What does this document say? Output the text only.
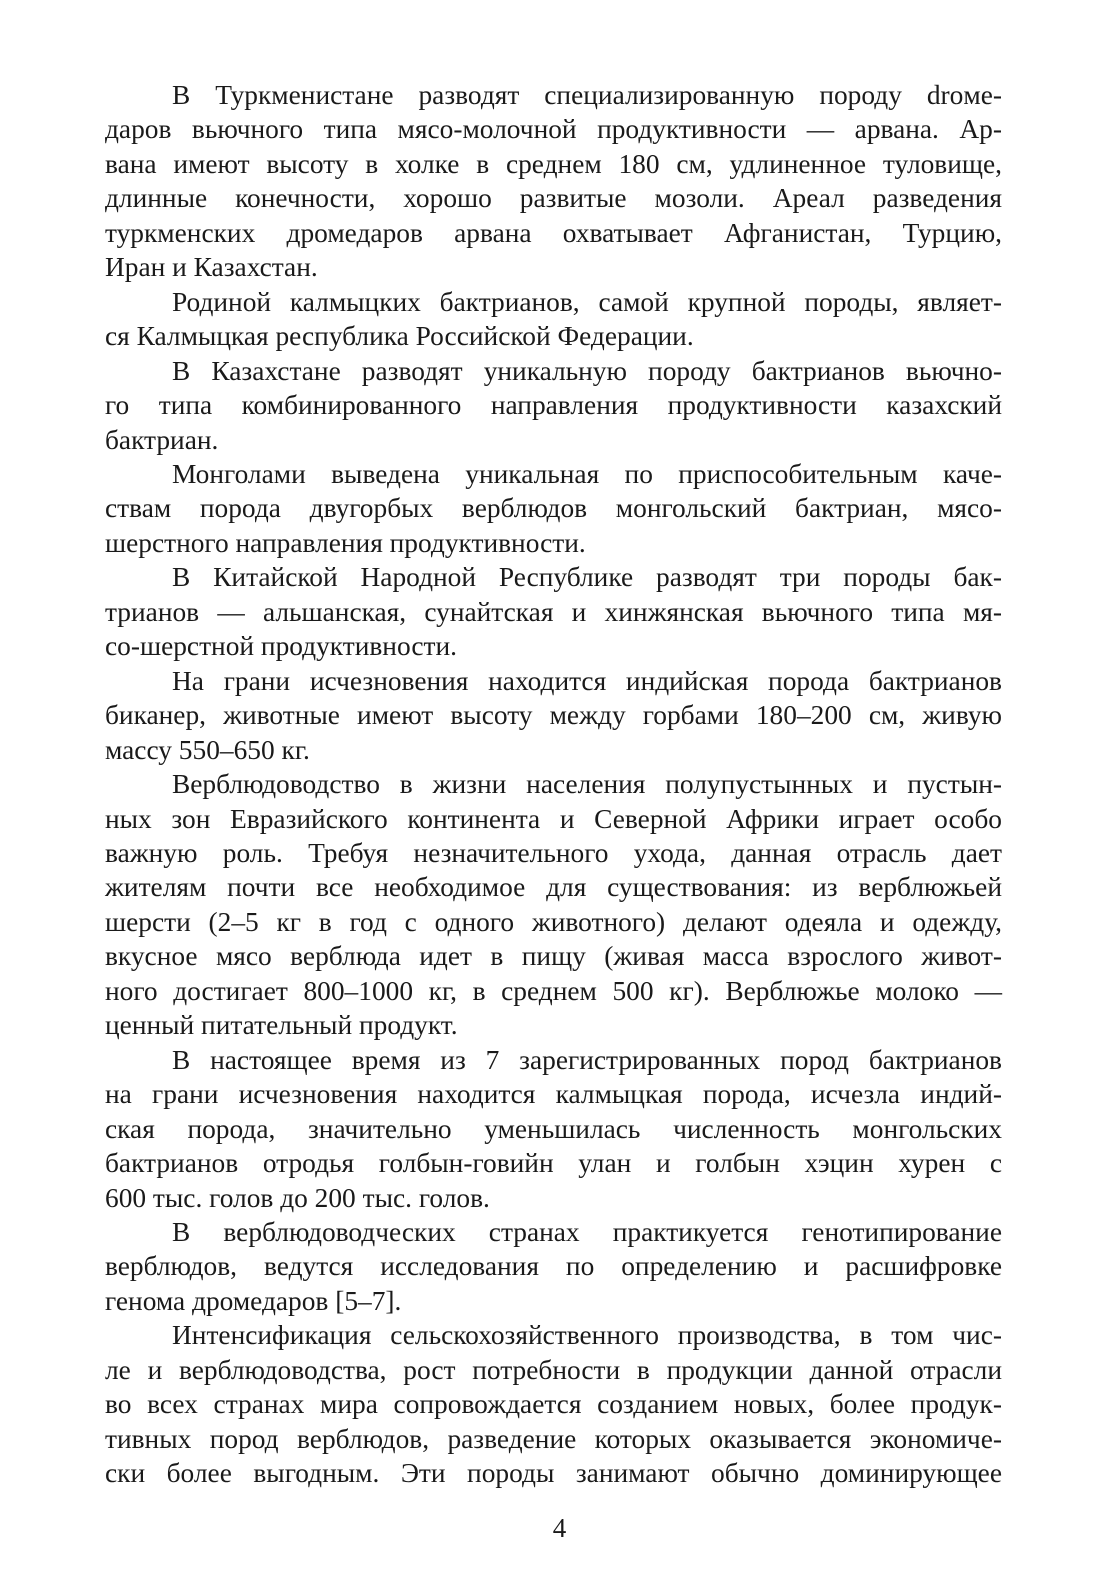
В Туркменистане разводят специализированную породу droме-
даров вьючного типа мясо-молочной продуктивности — арвана. Ар-
вана имеют высоту в холке в среднем 180 см, удлиненное туловище,
длинные конечности, хорошо развитые мозоли. Ареал разведения
туркменских дромедаров арвана охватывает Афганистан, Турцию,
Иран и Казахстан.
Родиной калмыцких бактрианов, самой крупной породы, являет-
ся Калмыцкая республика Российской Федерации.
В Казахстане разводят уникальную породу бактрианов вьючно-
го типа комбинированного направления продуктивности казахский
бактриан.
Монголами выведена уникальная по приспособительным каче-
ствам порода двугорбых верблюдов монгольский бактриан, мясо-
шерстного направления продуктивности.
В Китайской Народной Республике разводят три породы бак-
трианов — альшанская, сунайтская и хинжянская вьючного типа мя-
со-шерстной продуктивности.
На грани исчезновения находится индийская порода бактрианов
биканер, животные имеют высоту между горбами 180–200 см, живую
массу 550–650 кг.
Верблюдоводство в жизни населения полупустынных и пустын-
ных зон Евразийского континента и Северной Африки играет особо
важную роль. Требуя незначительного ухода, данная отрасль дает
жителям почти все необходимое для существования: из верблюжьей
шерсти (2–5 кг в год с одного животного) делают одеяла и одежду,
вкусное мясо верблюда идет в пищу (живая масса взрослого живот-
ного достигает 800–1000 кг, в среднем 500 кг). Верблюжье молоко —
ценный питательный продукт.
В настоящее время из 7 зарегистрированных пород бактрианов
на грани исчезновения находится калмыцкая порода, исчезла индий-
ская порода, значительно уменьшилась численность монгольских
бактрианов отродья голбын-говийн улан и голбын хэцин хурен с
600 тыс. голов до 200 тыс. голов.
В верблюдоводческих странах практикуется генотипирование
верблюдов, ведутся исследования по определению и расшифровке
генома дромедаров [5–7].
Интенсификация сельскохозяйственного производства, в том чис-
ле и верблюдоводства, рост потребности в продукции данной отрасли
во всех странах мира сопровождается созданием новых, более продук-
тивных пород верблюдов, разведение которых оказывается экономиче-
ски более выгодным. Эти породы занимают обычно доминирующее
4
